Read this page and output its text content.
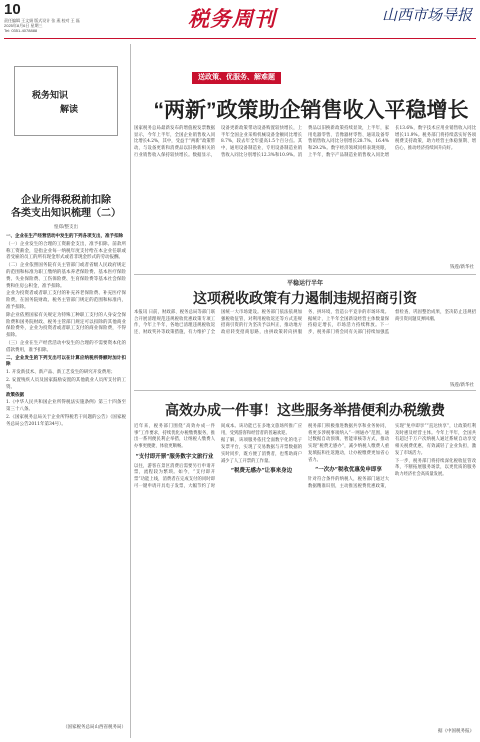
10
责任编辑 王文娟 版式设计 张 燕 校对 王 磊
2025年8月6日 星期三
Tel: 0351-4078888	税务周刊	山西市场导报
税务知识
解读
企业所得税税前扣除
各类支出知识梳理（二）
惶郑/整支出

一、企业在生产经营活动中发生的下列各项支出，准予扣除

（一）企业发生的合理的工资薪金支出，准予扣除。前款所称工资薪金，是指企业每一纳税年度支付给在本企业任职或者受雇的员工的所有现金形式或者非现金形式的劳动报酬。

（二）企业依照国务院有关主管部门或者省级人民政府规定的范围和标准为职工缴纳的基本养老保险费、基本医疗保险费、失业保险费、工伤保险费、生育保险费等基本社会保险费和住房公积金，准予扣除。

企业为投资者或者职工支付的补充养老保险费、补充医疗保险费，在国务院财政、税务主管部门规定的范围和标准内，准予扣除。

除企业依照国家有关规定为特殊工种职工支付的人身安全保险费和国务院财政、税务主管部门规定可以扣除的其他商业保险费外，企业为投资者或者职工支付的商业保险费，不得扣除。

（三）企业在生产经营活动中发生的合理的不需要资本化的借款费用，准予扣除。

二、企业发生的下列支出可以在计算应纳税所得额时加计扣除

1. 开发新技术、新产品、新工艺发生的研究开发费用；

2. 安置残疾人员及国家鼓励安置的其他就业人员所支付的工资。

政策依据

1.《中华人民共和国企业所得税法实施条例》第三十四条至第三十八条。

2.《国家税务总局关于企业所得税若干问题的公告》（国家税务总局公告2011年第34号）。

（国家税务总局山西省税务局）
送政策、优服务、解难题
“两新”政策助企销售收入平稳增长
国家税务总局最新发布的增值税发票数据显示，今年上半年，全国企业销售收入同比增长4.2%，其中，受益于“两新”政策带动，与设备更新和消费品以旧换新相关的行业销售收入保持较快增长。数据显示，设备更新政策带动设备购置较快增长，上半年全国企业采购机械设备金额同比增长8.7%，较去年全年提高1.5个百分点。其中，通用设备制造业、专用设备制造业销售收入同比分别增长12.3%和10.9%。消费品以旧换新政策持续显效，上半年，家用电器零售、音像器材零售、通讯设备零售销售收入同比分别增长28.7%、16.4%和29.2%。数字经济领域同样表现亮眼，上半年，数字产品制造业销售收入同比增长13.6%，数字技术应用业销售收入同比增长11.9%。税务部门将持续落实好各项税费支持政策，助力经营主体稳预期、增信心，推动经济持续回升向好。
钱莲/新华社
平稳运行半年
这项税收政策有力遏制违规招商引资
本报讯 日前，财政部、税务总局等部门联合开展清理规范违规税收优惠政策专项工作，今年上半年，各地已清理违规税收返还、财政奖补等政策措施，有力维护了全国统一大市场建设。税务部门依法依规加强税收征管，对利用税收返还等方式违规招商引资的行为坚决予以纠正，推动地方政府转变招商思路，由拼政策转向拼服务、拼环境，营造公平竞争的市场环境。据统计，上半年全国新设经营主体数量保持稳定增长，市场活力持续释放。下一步，税务部门将会同有关部门持续加强监督检查，巩固整治成果，坚决防止违规招商引资问题反弹回潮。
钱莲/新华社
高效办成一件事！这些服务举措便利办税缴费

近年来，税务部门围绕“高效办成一件事”工作要求，持续优化办税缴费服务，推出一系列便民利企举措，让纳税人缴费人办事更便捷、体验更顺畅。

“支付即开票”服务数字文旅行业

以往，游客在景区消费后需要另行申请开票，流程较为繁琐。如今，“支付即开票”功能上线，消费者在完成支付的同时即可一键申请开具电子发票，大幅节约了时间成本。该功能已在多地文旅场所推广应用，受到游客和经营者的普遍欢迎。

据了解，该项服务依托全面数字化的电子发票平台，实现了交易数据与开票数据的实时同步，既方便了消费者，也帮助商户减少了人工开票的工作量。

“税费无感办”让事来身边

税务部门积极推进数据共享和业务协同，将更多涉税事项纳入“一网通办”范围，通过数据自动预填、智能审核等方式，推动实现“税费无感办”，减少纳税人缴费人重复填报和往返跑动，让办税缴费更加省心省力。

“一次办”税收优惠免申即享

针对符合条件的纳税人，税务部门通过大数据精准识别，主动推送税费优惠政策，实现“免申即享”“直达快享”，让政策红利及时惠及经营主体。今年上半年，全国共有超过千万户次纳税人通过系统自动享受相关税费优惠，有效减轻了企业负担，激发了市场活力。

下一步，税务部门将持续深化税收征管改革，不断拓展服务场景，以更优质的服务助力经济社会高质量发展。

据《中国税务报》
